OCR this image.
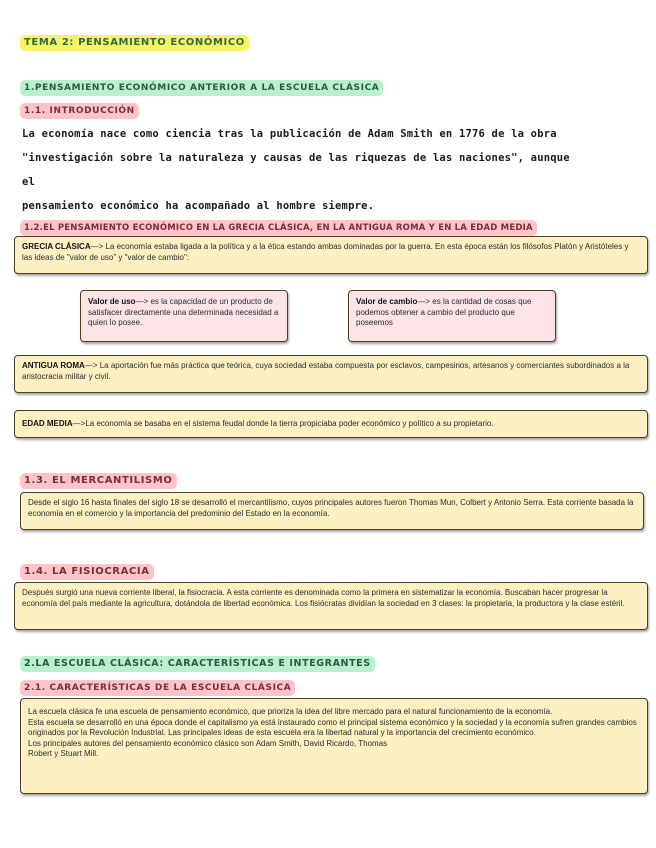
TEMA 2: PENSAMIENTO ECONÓMICO
1.PENSAMIENTO ECONÓMICO ANTERIOR A LA ESCUELA CLÁSICA
1.1. INTRODUCCIÓN
La economía nace como ciencia tras la publicación de Adam Smith en 1776 de la obra
"investigación sobre la naturaleza y causas de las riquezas de las naciones", aunque el
pensamiento económico ha acompañado al hombre siempre.
1.2.EL PENSAMIENTO ECONÓMICO EN LA GRECIA CLÁSICA, EN LA ANTIGUA ROMA Y EN LA EDAD MEDIA

GRECIA CLÁSICA—> La economía estaba ligada a la política y a la ética estando ambas dominadas por la guerra. En esta época están los filósofos Platón y Aristóteles y las ideas de "valor de uso" y "valor de cambio":

Valor de uso—> es la capacidad de un producto de satisfacer directamente una determinada necesidad a quien lo posee.

Valor de cambio—> es la cantidad de cosas que podemos obtener a cambio del producto que poseemos

ANTIGUA ROMA—> La aportación fue más práctica que teórica, cuya sociedad estaba compuesta por esclavos, campesinos, artesanos y comerciantes subordinados a la aristocracia militar y civil.

EDAD MEDIA—>La economía se basaba en el sistema feudal donde la tierra propiciaba poder económico y político a su propietario.

1.3. EL MERCANTILISMO

Desde el siglo 16 hasta finales del siglo 18 se desarrolló el mercantilismo, cuyos principales autores fueron Thomas Mun, Colbert y Antonio Serra. Esta corriente basada la economía en el comercio y la importancia del predominio del Estado en la economía.

1.4. LA FISIOCRACIA

Después surgió una nueva corriente liberal, la fisiocracia. A esta corriente es denominada como la primera en sistematizar la economía. Buscaban hacer progresar la economía del país mediante la agricultura, dotándola de libertad económica. Los fisiócratas dividían la sociedad en 3 clases: la propietaria, la productora y la clase estéril.

2.LA ESCUELA CLÁSICA: CARACTERÍSTICAS E INTEGRANTES
2.1. CARACTERÍSTICAS DE LA ESCUELA CLÁSICA

La escuela clásica fe una escuela de pensamiento económico, que prioriza la idea del libre mercado para el natural funcionamiento de la economía.

Esta escuela se desarrolló en una época donde el capitalismo ya está instaurado como el principal sistema económico y la sociedad y la economía sufren grandes cambios originados por la Revolución Industrial. Las principales ideas de esta escuela era la libertad natural y la importancia del crecimiento económico.

Los principales autores del pensamiento económico clásico son Adam Smith, David Ricardo, Thomas

Robert y Stuart Mill.
